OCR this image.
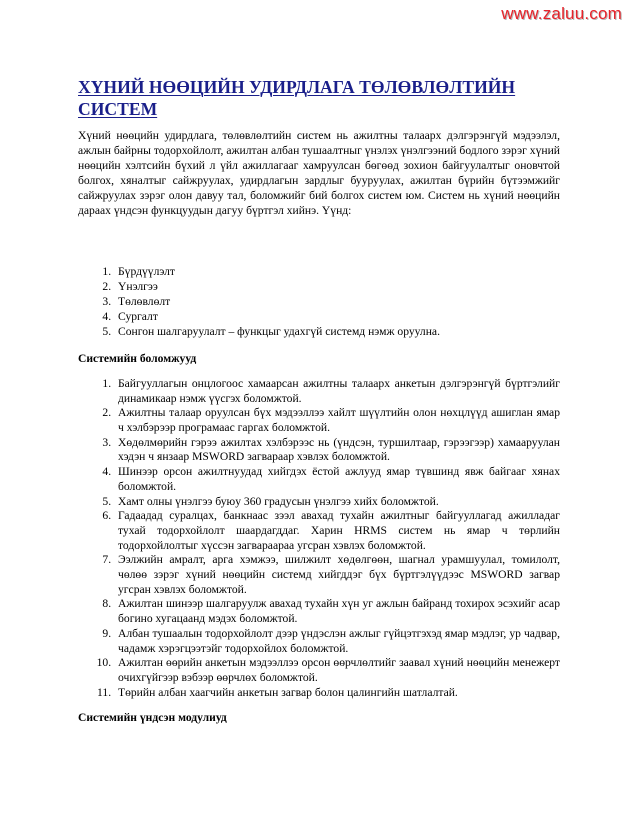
www.zaluu.com
ХҮНИЙ НӨӨЦИЙН УДИРДЛАГА ТӨЛӨВЛӨЛТИЙН СИСТЕМ

Хүний нөөцийн удирдлага, төлөвлөлтийн систем нь ажилтны талаарх дэлгэрэнгүй мэдээлэл, ажлын байрны тодорхойлолт, ажилтан албан тушаалтныг үнэлэх үнэлгээний бодлого зэрэг хүний нөөцийн хэлтсийн бүхий л үйл ажиллагааг хамруулсан бөгөөд зохион байгуулалтыг оновчтой болгох, хяналтыг сайжруулах, удирдлагын зардлыг бууруулах, ажилтан бүрийн бүтээмжийг сайжруулах зэрэг олон давуу тал, боломжийг бий болгох систем юм. Систем нь хүний нөөцийн дараах үндсэн функцуудын дагуу бүртгэл хийнэ. Үүнд:

1. Бүрдүүлэлт
2. Үнэлгээ
3. Төлөвлөлт
4. Сургалт
5. Сонгон шалгаруулалт – функцыг удахгүй системд нэмж оруулна.
Системийн боломжууд
1. Байгууллагын онцлогоос хамаарсан ажилтны талаарх анкетын дэлгэрэнгүй бүртгэлийг динамикаар нэмж үүсгэх боломжтой.
2. Ажилтны талаар оруулсан бүх мэдээллээ хайлт шүүлтийн олон нөхцлүүд ашиглан ямар ч хэлбэрээр програмаас гаргах боломжтой.
3. Хөдөлмөрийн гэрээ ажилтах хэлбэрээс нь (үндсэн, туршилтаар, гэрээгээр) хамааруулан хэдэн ч янзаар MSWORD загвараар хэвлэх боломжтой.
4. Шинээр орсон ажилтнуудад хийгдэх ёстой ажлууд ямар түвшинд явж байгааг хянах боломжтой.
5. Хамт олны үнэлгээ буюу 360 градусын үнэлгээ хийх боломжтой.
6. Гадаадад суралцах, банкнаас зээл авахад тухайн ажилтныг байгууллагад ажилладаг тухай тодорхойлолт шаардагддаг. Харин HRMS систем нь ямар ч төрлийн тодорхойлолтыг хүссэн загвараараа угсран хэвлэх боломжтой.
7. Ээлжийн амралт, арга хэмжээ, шилжилт хөдөлгөөн, шагнал урамшуулал, томилолт, чөлөө зэрэг хүний нөөцийн системд хийгддэг бүх бүртгэлүүдээс MSWORD загвар угсран хэвлэх боломжтой.
8. Ажилтан шинээр шалгаруулж авахад тухайн хүн уг ажлын байранд тохирох эсэхийг асар богино хугацаанд мэдэх боломжтой.
9. Албан тушаалын тодорхойлолт дээр үндэслэн ажлыг гүйцэтгэхэд ямар мэдлэг, ур чадвар, чадамж хэрэгцээтэйг тодорхойлох боломжтой.
10. Ажилтан өөрийн анкетын мэдээллээ орсон өөрчлөлтийг заавал хүний нөөцийн менежерт очихгүйгээр вэбээр өөрчлөх боломжтой.
11. Төрийн албан хаагчийн анкетын загвар болон цалингийн шатлалтай.
Системийн үндсэн модулиуд
